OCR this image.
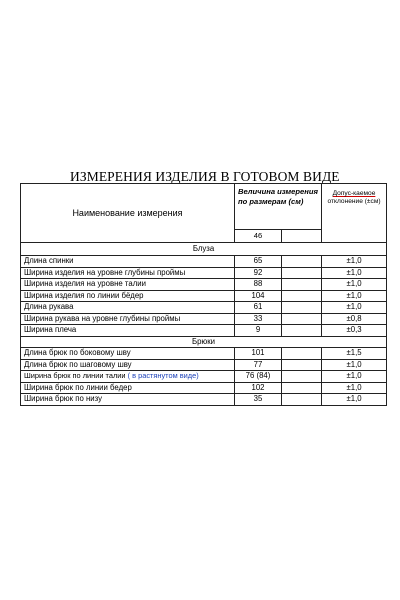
ИЗМЕРЕНИЯ ИЗДЕЛИЯ В ГОТОВОМ ВИДЕ
Наименование измерения	Величина измерения по размерам (см)		Допус-каемое
отклонение (±см)
	46		
Блуза			
Длина спинки	65		±1,0
Ширина изделия на уровне глубины проймы	92		±1,0
Ширина изделия на уровне талии	88		±1,0
Ширина изделия по линии бёдер	104		±1,0
Длина рукава	61		±1,0
Ширина рукава на уровне глубины проймы	33		±0,8
Ширина плеча	9		±0,3
Брюки			
Длина брюк по боковому шву	101		±1,5
Длина брюк по шаговому шву	77		±1,0
Ширина брюк по линии талии ( в растянутом виде)	76 (84)		±1,0
Ширина брюк по линии бедер	102		±1,0
Ширина брюк по низу	35		±1,0
